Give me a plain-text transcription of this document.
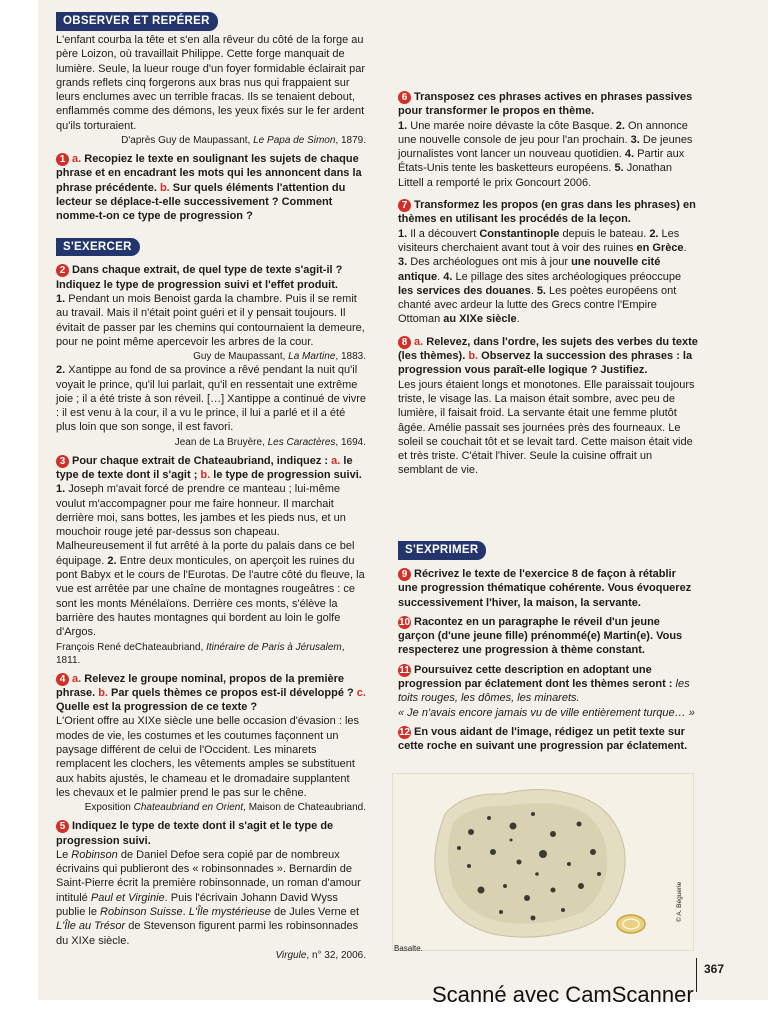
OBSERVER ET REPÉRER

L'enfant courba la tête et s'en alla rêveur du côté de la forge au père Loizon, où travaillait Philippe. Cette forge manquait de lumière. Seule, la lueur rouge d'un foyer formidable éclairait par grands reflets cinq forgerons aux bras nus qui frappaient sur leurs enclumes avec un terrible fracas. Ils se tenaient debout, enflammés comme des démons, les yeux fixés sur le fer ardent qu'ils torturaient.

D'après Guy de Maupassant, Le Papa de Simon, 1879.
1 a. Recopiez le texte en soulignant les sujets de chaque phrase et en encadrant les mots qui les annoncent dans la phrase précédente. b. Sur quels éléments l'attention du lecteur se déplace-t-elle successivement ? Comment nomme-t-on ce type de progression ?
S'EXERCER
2 Dans chaque extrait, de quel type de texte s'agit-il ? Indiquez le type de progression suivi et l'effet produit.

1. Pendant un mois Benoist garda la chambre. Puis il se remit au travail. Mais il n'était point guéri et il y pensait toujours. Il évitait de passer par les chemins qui contournaient la demeure, pour ne point même apercevoir les arbres de la cour.

Guy de Maupassant, La Martine, 1883.

2. Xantippe au fond de sa province a rêvé pendant la nuit qu'il voyait le prince, qu'il lui parlait, qu'il en ressentait une extrême joie ; il a été triste à son réveil. […] Xantippe a continué de vivre : il est venu à la cour, il a vu le prince, il lui a parlé et il a été plus loin que son songe, il est favori.

Jean de La Bruyère, Les Caractères, 1694.
3 Pour chaque extrait de Chateaubriand, indiquez : a. le type de texte dont il s'agit ; b. le type de progression suivi.

1. Joseph m'avait forcé de prendre ce manteau ; lui-même voulut m'accompagner pour me faire honneur. Il marchait derrière moi, sans bottes, les jambes et les pieds nus, et un mouchoir rouge jeté par-dessus son chapeau. Malheureusement il fut arrêté à la porte du palais dans ce bel équipage. 2. Entre deux monticules, on aperçoit les ruines du pont Babyx et le cours de l'Eurotas. De l'autre côté du fleuve, la vue est arrêtée par une chaîne de montagnes rougeâtres : ce sont les monts Ménélaïons. Derrière ces monts, s'élève la barrière des hautes montagnes qui bordent au loin le golfe d'Argos.

François René deChateaubriand, Itinéraire de Paris à Jérusalem, 1811.
4 a. Relevez le groupe nominal, propos de la première phrase. b. Par quels thèmes ce propos est-il développé ? c. Quelle est la progression de ce texte ?

L'Orient offre au XIXe siècle une belle occasion d'évasion : les modes de vie, les costumes et les coutumes façonnent un paysage différent de celui de l'Occident. Les minarets remplacent les clochers, les vêtements amples se substituent aux habits ajustés, le chameau et le dromadaire supplantent les chevaux et le palmier prend le pas sur le chêne.

Exposition Chateaubriand en Orient, Maison de Chateaubriand.
5 Indiquez le type de texte dont il s'agit et le type de progression suivi.

Le Robinson de Daniel Defoe sera copié par de nombreux écrivains qui publieront des « robinsonnades ». Bernardin de Saint-Pierre écrit la première robinsonnade, un roman d'amour intitulé Paul et Virginie. Puis l'écrivain Johann David Wyss publie le Robinson Suisse. L'Île mystérieuse de Jules Verne et L'Île au Trésor de Stevenson figurent parmi les robinsonnades du XIXe siècle.

Virgule, n° 32, 2006.
6 Transposez ces phrases actives en phrases passives pour transformer le propos en thème.

1. Une marée noire dévaste la côte Basque. 2. On annonce une nouvelle console de jeu pour l'an prochain. 3. De jeunes journalistes vont lancer un nouveau quotidien. 4. Partir aux États-Unis tente les basketteurs européens. 5. Jonathan Littell a remporté le prix Goncourt 2006.

7 Transformez les propos (en gras dans les phrases) en thèmes en utilisant les procédés de la leçon.

1. Il a découvert Constantinople depuis le bateau. 2. Les visiteurs cherchaient avant tout à voir des ruines en Grèce. 3. Des archéologues ont mis à jour une nouvelle cité antique. 4. Le pillage des sites archéologiques préoccupe les services des douanes. 5. Les poètes européens ont chanté avec ardeur la lutte des Grecs contre l'Empire Ottoman au XIXe siècle.

8 a. Relevez, dans l'ordre, les sujets des verbes du texte (les thèmes). b. Observez la succession des phrases : la progression vous paraît-elle logique ? Justifiez.

Les jours étaient longs et monotones. Elle paraissait toujours triste, le visage las. La maison était sombre, avec peu de lumière, il faisait froid. La servante était une femme plutôt âgée. Amélie passait ses journées près des fourneaux. Le soleil se couchait tôt et se levait tard. Cette maison était vide et très triste. C'était l'hiver. Seule la cuisine offrait un semblant de vie.

S'EXPRIMER
9 Récrivez le texte de l'exercice 8 de façon à rétablir une progression thématique cohérente. Vous évoquerez successivement l'hiver, la maison, la servante.
10 Racontez en un paragraphe le réveil d'un jeune garçon (d'une jeune fille) prénommé(e) Martin(e). Vous respecterez une progression à thème constant.
11 Poursuivez cette description en adoptant une progression par éclatement dont les thèmes seront : les toits rouges, les dômes, les minarets.

« Je n'avais encore jamais vu de ville entièrement turque… »

12 En vous aidant de l'image, rédigez un petit texte sur cette roche en suivant une progression par éclatement.
Basalte.
© A. Béguerie
367
Scanné avec CamScanner
